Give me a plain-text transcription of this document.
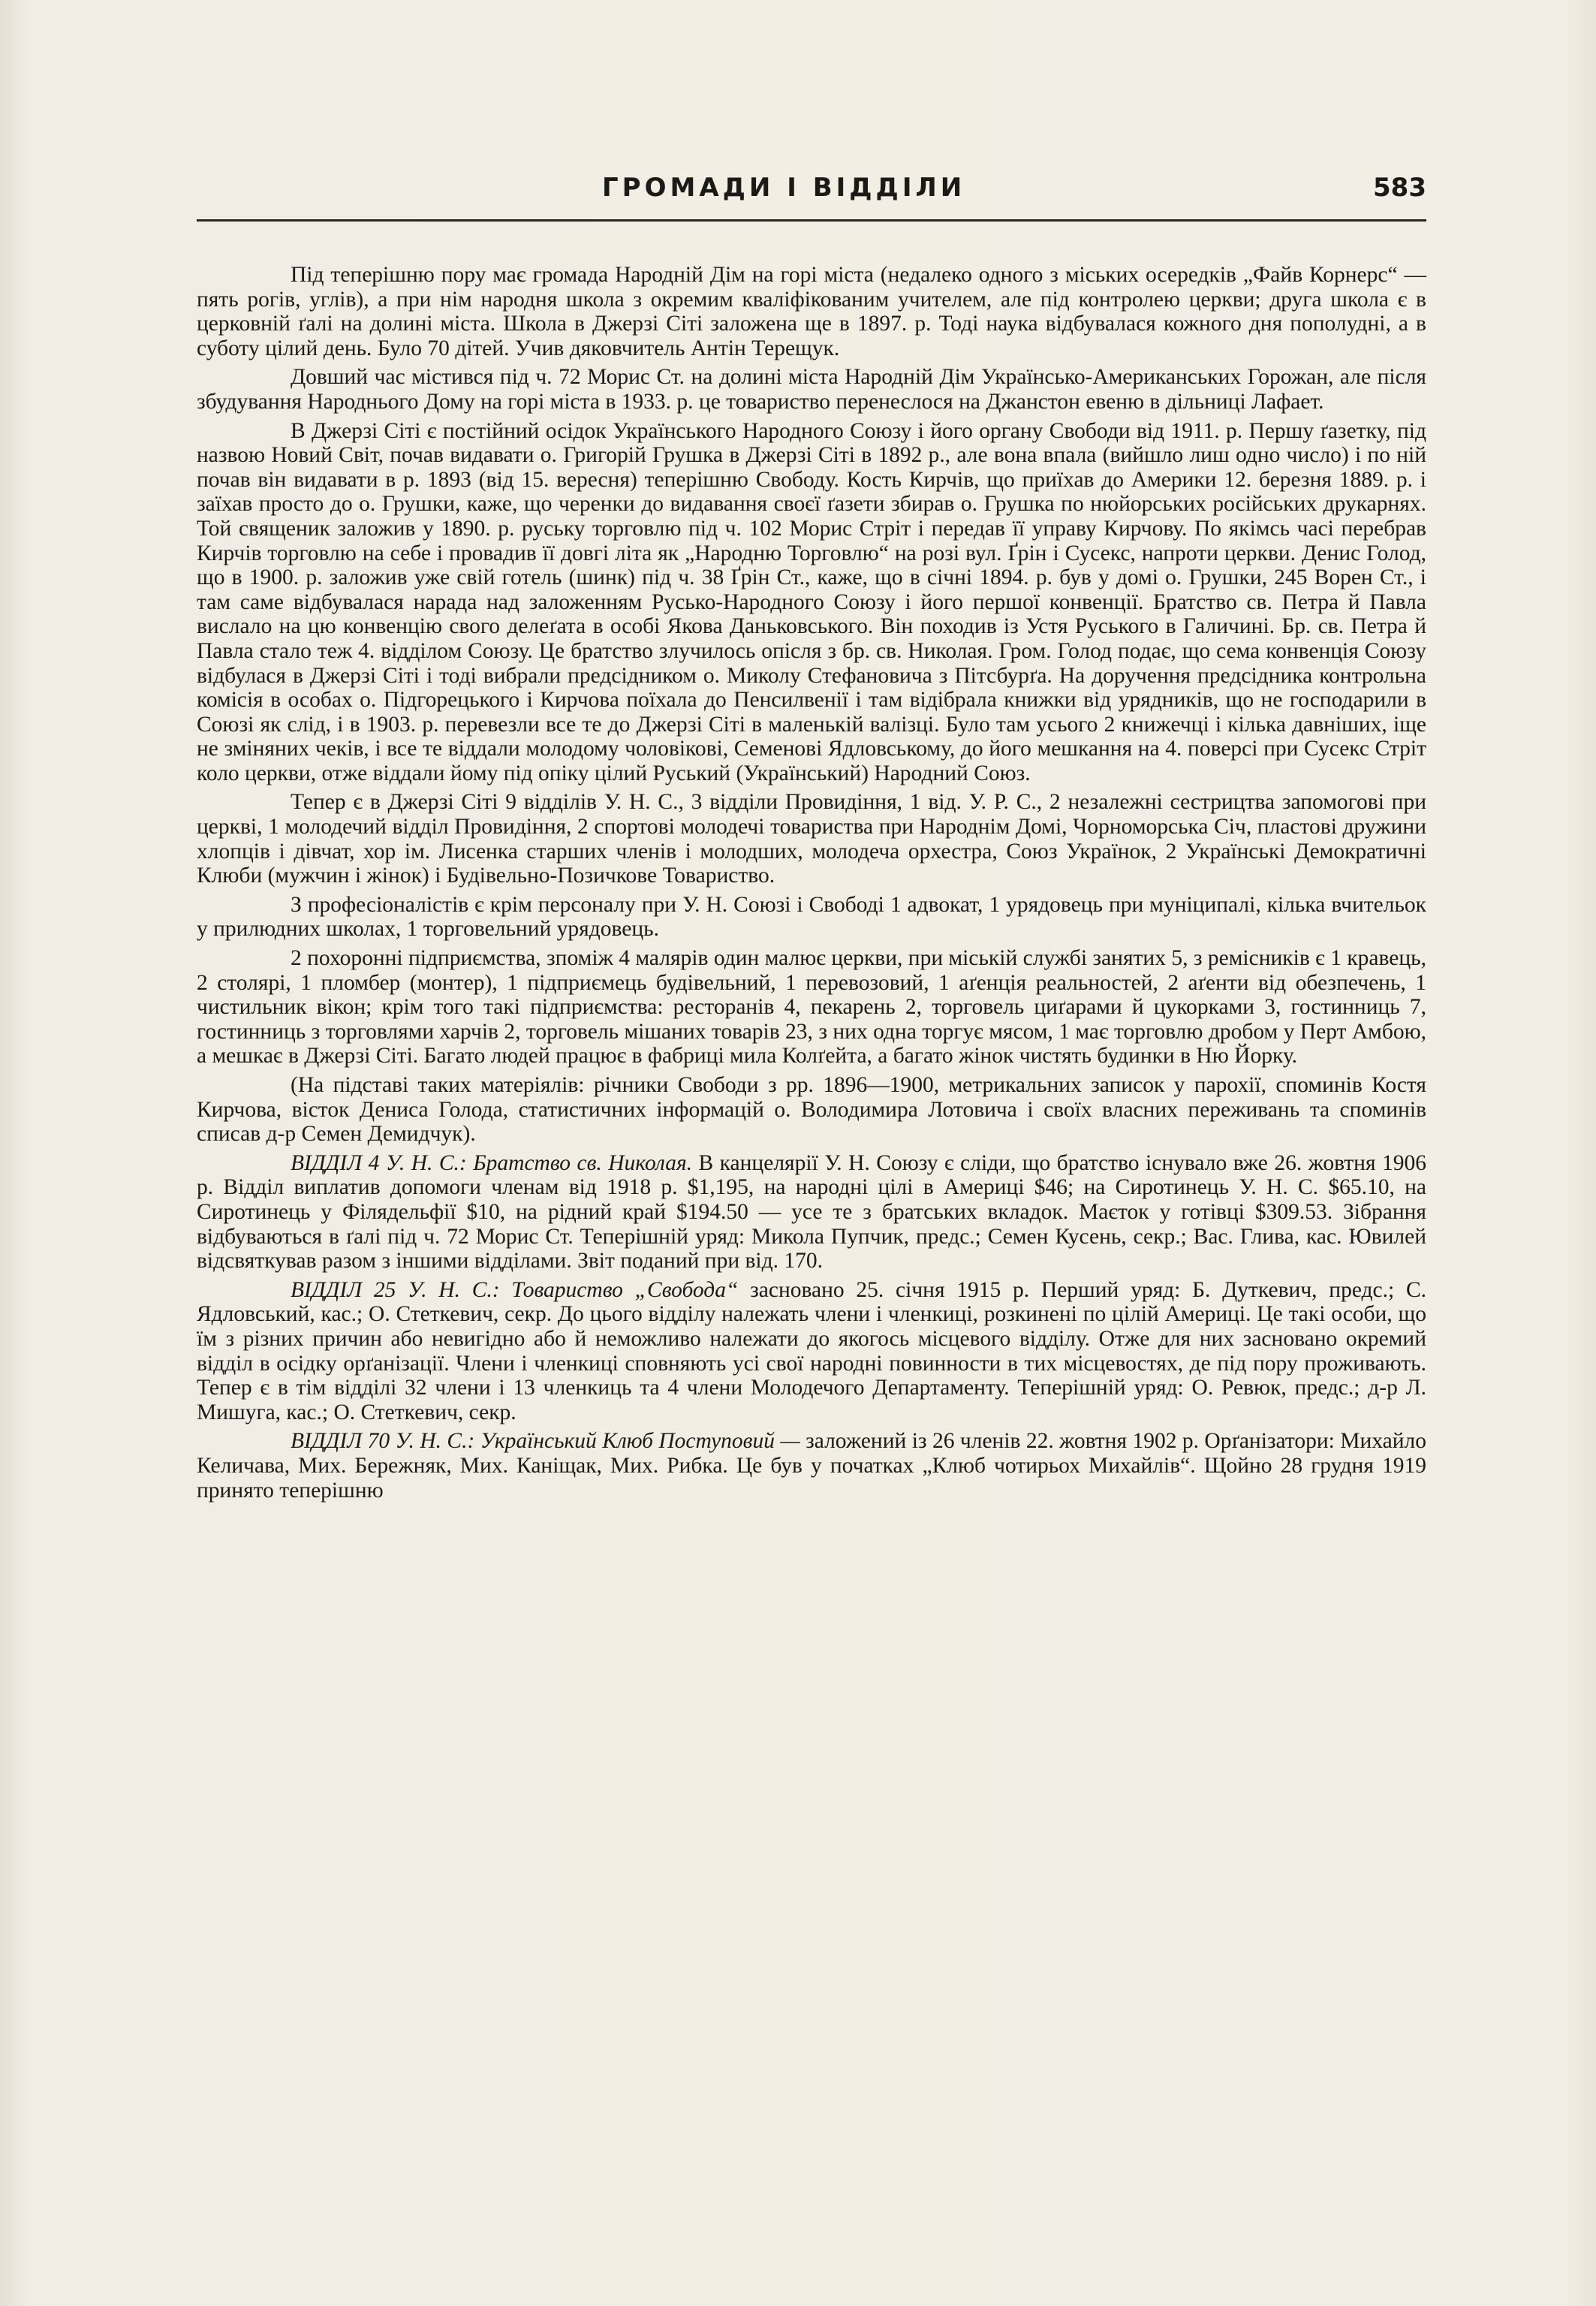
ГРОМАДИ І ВІДДІЛИ	583

Під теперішню пору має громада Народній Дім на горі міста (недалеко одного з міських осередків „Файв Корнерс“ — пять рогів, углів), а при нім народня школа з окремим кваліфікованим учителем, але під контролею церкви; друга школа є в церковній ґалі на долині міста. Школа в Джерзі Сіті заложена ще в 1897. р. Тоді наука відбувалася кожного дня пополудні, а в суботу цілий день. Було 70 дітей. Учив дяковчитель Антін Терещук.

Довший час містився під ч. 72 Морис Ст. на долині міста Народній Дім Українсько-Американських Горожан, але після збудування Народнього Дому на горі міста в 1933. р. це товариство перенеслося на Джанстон евеню в дільниці Лафает.

В Джерзі Сіті є постійний осідок Українського Народного Союзу і його органу Свободи від 1911. р. Першу ґазетку, під назвою Новий Світ, почав видавати о. Григорій Грушка в Джерзі Сіті в 1892 р., але вона впала (вийшло лиш одно число) і по ній почав він видавати в р. 1893 (від 15. вересня) теперішню Свободу. Кость Кирчів, що приїхав до Америки 12. березня 1889. р. і заїхав просто до о. Грушки, каже, що черенки до видавання своєї ґазети збирав о. Грушка по нюйорських російських друкарнях. Той священик заложив у 1890. р. руську торговлю під ч. 102 Морис Стріт і передав її управу Кирчову. По якімсь часі перебрав Кирчів торговлю на себе і провадив її довгі літа як „Народню Торговлю“ на розі вул. Ґрін і Сусекс, напроти церкви. Денис Голод, що в 1900. р. заложив уже свій готель (шинк) під ч. 38 Ґрін Ст., каже, що в січні 1894. р. був у домі о. Грушки, 245 Ворен Ст., і там саме відбувалася нарада над заложенням Русько-Народного Союзу і його першої конвенції. Братство св. Петра й Павла вислало на цю конвенцію свого делеґата в особі Якова Даньковського. Він походив із Устя Руського в Галичині. Бр. св. Петра й Павла стало теж 4. відділом Союзу. Це братство злучилось опісля з бр. св. Николая. Гром. Голод подає, що сема конвенція Союзу відбулася в Джерзі Сіті і тоді вибрали предсідником о. Миколу Стефановича з Пітсбурґа. На доручення предсідника контрольна комісія в особах о. Підгорецького і Кирчова поїхала до Пенсилвенії і там відібрала книжки від урядників, що не господарили в Союзі як слід, і в 1903. р. перевезли все те до Джерзі Сіті в маленькій валізці. Було там усього 2 книжечці і кілька давніших, іще не зміняних чеків, і все те віддали молодому чоловікові, Семенові Ядловському, до його мешкання на 4. поверсі при Сусекс Стріт коло церкви, отже віддали йому під опіку цілий Руський (Український) Народний Союз.

Тепер є в Джерзі Сіті 9 відділів У. Н. С., 3 відділи Провидіння, 1 від. У. Р. С., 2 незалежні сестрицтва запомогові при церкві, 1 молодечий відділ Провидіння, 2 спортові молодечі товариства при Народнім Домі, Чорноморська Січ, пластові дружини хлопців і дівчат, хор ім. Лисенка старших членів і молодших, молодеча орхестра, Союз Українок, 2 Українські Демократичні Клюби (мужчин і жінок) і Будівельно-Позичкове Товариство.

З професіоналістів є крім персоналу при У. Н. Союзі і Свободі 1 адвокат, 1 урядовець при муніципалі, кілька вчительок у прилюдних школах, 1 торговельний урядовець.

2 похоронні підприємства, зпоміж 4 малярів один малює церкви, при міській службі занятих 5, з ремісників є 1 кравець, 2 столярі, 1 пломбер (монтер), 1 підприємець будівельний, 1 перевозовий, 1 аґенція реальностей, 2 аґенти від обезпечень, 1 чистильник вікон; крім того такі підприємства: ресторанів 4, пекарень 2, торговель циґарами й цукорками 3, гостинниць 7, гостинниць з торговлями харчів 2, торговель мішаних товарів 23, з них одна торгує мясом, 1 має торговлю дробом у Перт Амбою, а мешкає в Джерзі Сіті. Багато людей працює в фабриці мила Колґейта, а багато жінок чистять будинки в Ню Йорку.

(На підставі таких матеріялів: річники Свободи з рр. 1896—1900, метрикальних записок у парохії, споминів Костя Кирчова, вісток Дениса Голода, статистичних інформацій о. Володимира Лотовича і своїх власних переживань та споминів списав д-р Семен Демидчук).

ВІДДІЛ 4 У. Н. С.: Братство св. Николая. В канцелярії У. Н. Союзу є сліди, що братство існувало вже 26. жовтня 1906 р. Відділ виплатив допомоги членам від 1918 р. $1,195, на народні цілі в Америці $46; на Сиротинець У. Н. С. $65.10, на Сиротинець у Філядельфії $10, на рідний край $194.50 — усе те з братських вкладок. Маєток у готівці $309.53. Зібрання відбуваються в ґалі під ч. 72 Морис Ст. Теперішній уряд: Микола Пупчик, предс.; Семен Кусень, секр.; Вас. Глива, кас. Ювилей відсвяткував разом з іншими відділами. Звіт поданий при від. 170.

ВІДДІЛ 25 У. Н. С.: Товариство „Свобода“ засновано 25. січня 1915 р. Перший уряд: Б. Дуткевич, предс.; С. Ядловський, кас.; О. Стеткевич, секр. До цього відділу належать члени і членкиці, розкинені по цілій Америці. Це такі особи, що їм з різних причин або невигідно або й неможливо належати до якогось місцевого відділу. Отже для них засновано окремий відділ в осідку орґанізації. Члени і членкиці сповняють усі свої народні повинности в тих місцевостях, де під пору проживають. Тепер є в тім відділі 32 члени і 13 членкиць та 4 члени Молодечого Департаменту. Теперішній уряд: О. Ревюк, предс.; д-р Л. Мишуга, кас.; О. Стеткевич, секр.

ВІДДІЛ 70 У. Н. С.: Український Клюб Поступовий — заложений із 26 членів 22. жовтня 1902 р. Орґанізатори: Михайло Келичава, Мих. Бережняк, Мих. Каніщак, Мих. Рибка. Це був у початках „Клюб чотирьох Михайлів“. Щойно 28 грудня 1919 принято теперішню
